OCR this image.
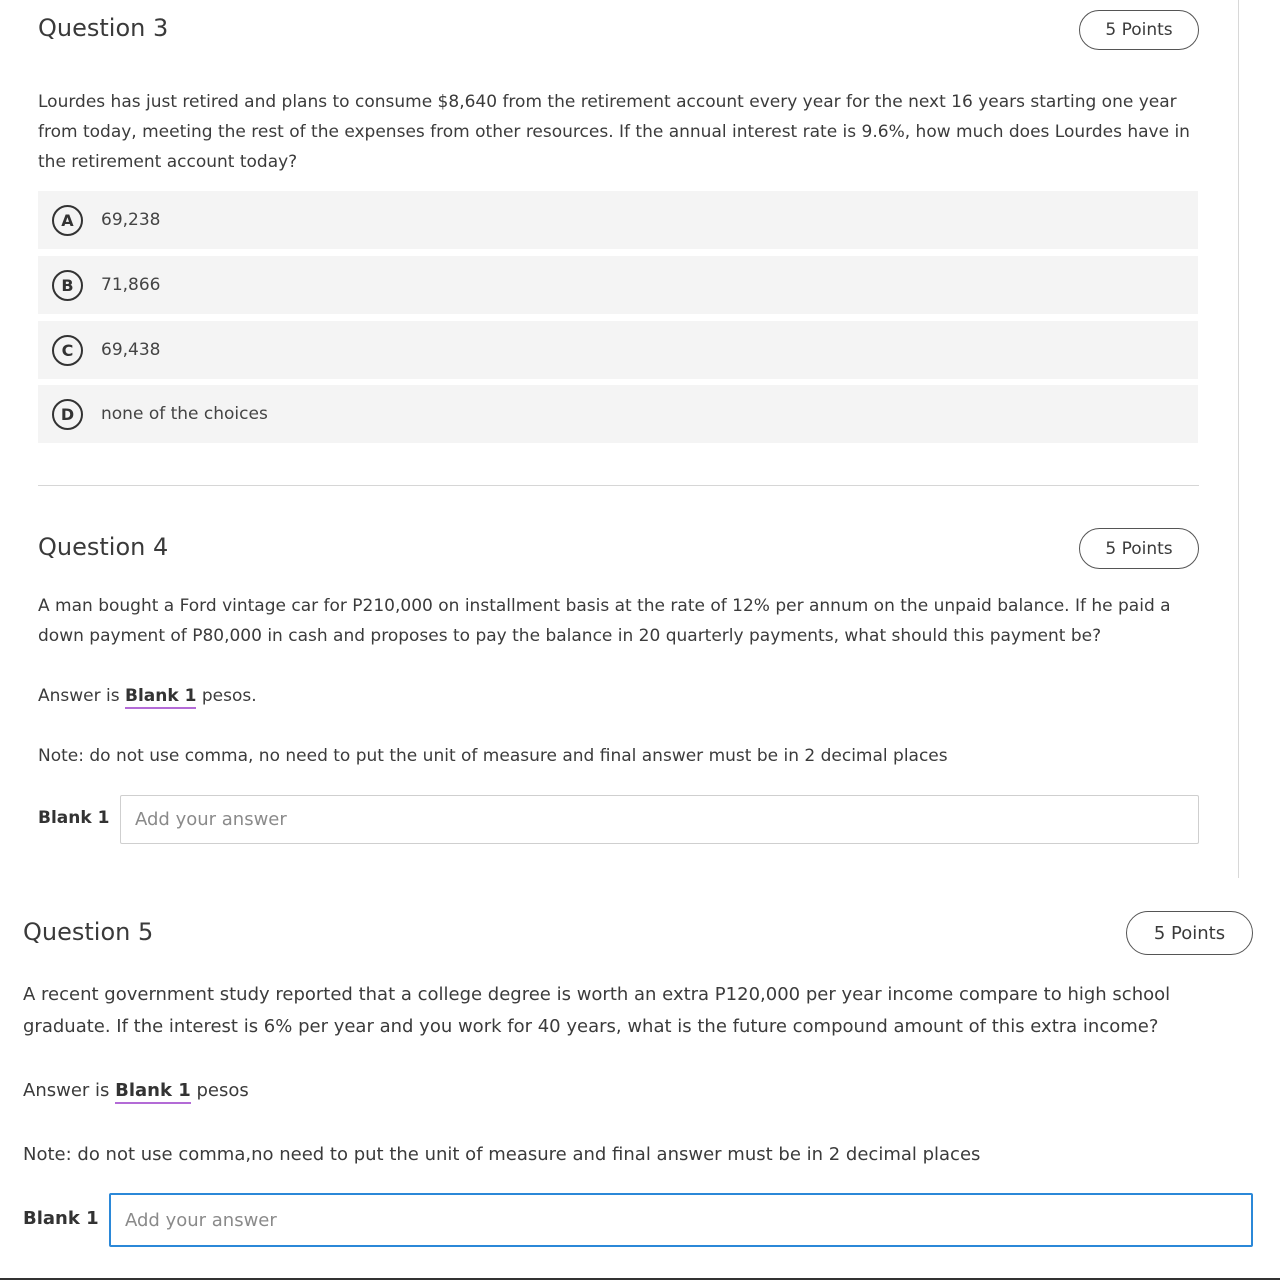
Question 3	5 Points

Lourdes has just retired and plans to consume $8,640 from the retirement account every year for the next 16 years starting one year from today, meeting the rest of the expenses from other resources. If the annual interest rate is 9.6%, how much does Lourdes have in the retirement account today?

A	69,238
B	71,866
C	69,438
D	none of the choices
Question 4	5 Points

A man bought a Ford vintage car for P210,000 on installment basis at the rate of 12% per annum on the unpaid balance. If he paid a down payment of P80,000 in cash and proposes to pay the balance in 20 quarterly payments, what should this payment be?

Answer is Blank 1 pesos.

Note: do not use comma, no need to put the unit of measure and final answer must be in 2 decimal places

Blank 1
Add your answer
Question 5	5 Points

A recent government study reported that a college degree is worth an extra P120,000 per year income compare to high school graduate. If the interest is 6% per year and you work for 40 years, what is the future compound amount of this extra income?

Answer is Blank 1 pesos

Note: do not use comma,no need to put the unit of measure and final answer must be in 2 decimal places

Blank 1
Add your answer
